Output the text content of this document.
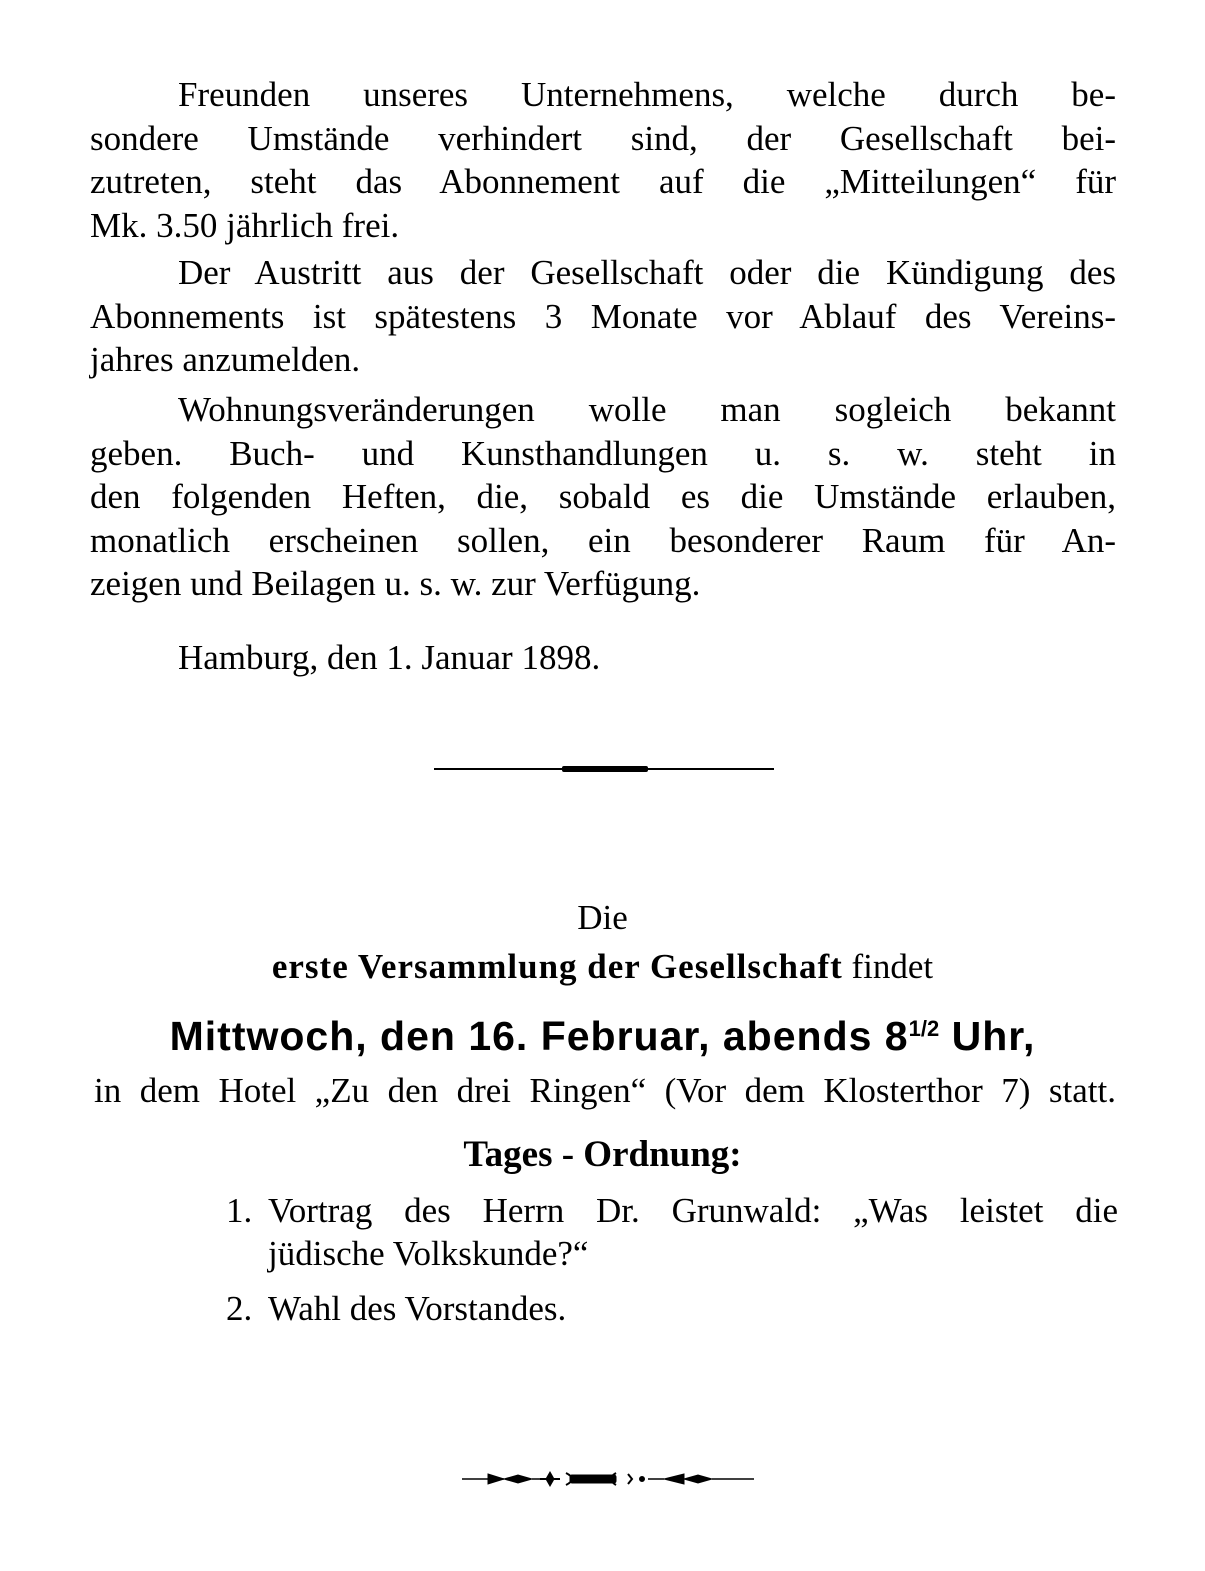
Freunden unseres Unternehmens, welche durch be-
sondere Umstände verhindert sind, der Gesellschaft bei-
zutreten, steht das Abonnement auf die „Mitteilungen“ für
Mk. 3.50 jährlich frei.
Der Austritt aus der Gesellschaft oder die Kündigung des
Abonnements ist spätestens 3 Monate vor Ablauf des Vereins-
jahres anzumelden.
Wohnungsveränderungen wolle man sogleich bekannt
geben. Buch- und Kunsthandlungen u. s. w. steht in
den folgenden Heften, die, sobald es die Umstände erlauben,
monatlich erscheinen sollen, ein besonderer Raum für An-
zeigen und Beilagen u. s. w. zur Verfügung.

Hamburg, den 1. Januar 1898.

Die

erste Versammlung der Gesellschaft findet

Mittwoch, den 16. Februar, abends $8^{1/2}$ Uhr,

in dem Hotel „Zu den drei Ringen“ (Vor dem Klosterthor 7) statt.

Tages - Ordnung:

1. Vortrag des Herrn Dr. Grunwald: „Was leistet die
jüdische Volkskunde?“
2. Wahl des Vorstandes.
